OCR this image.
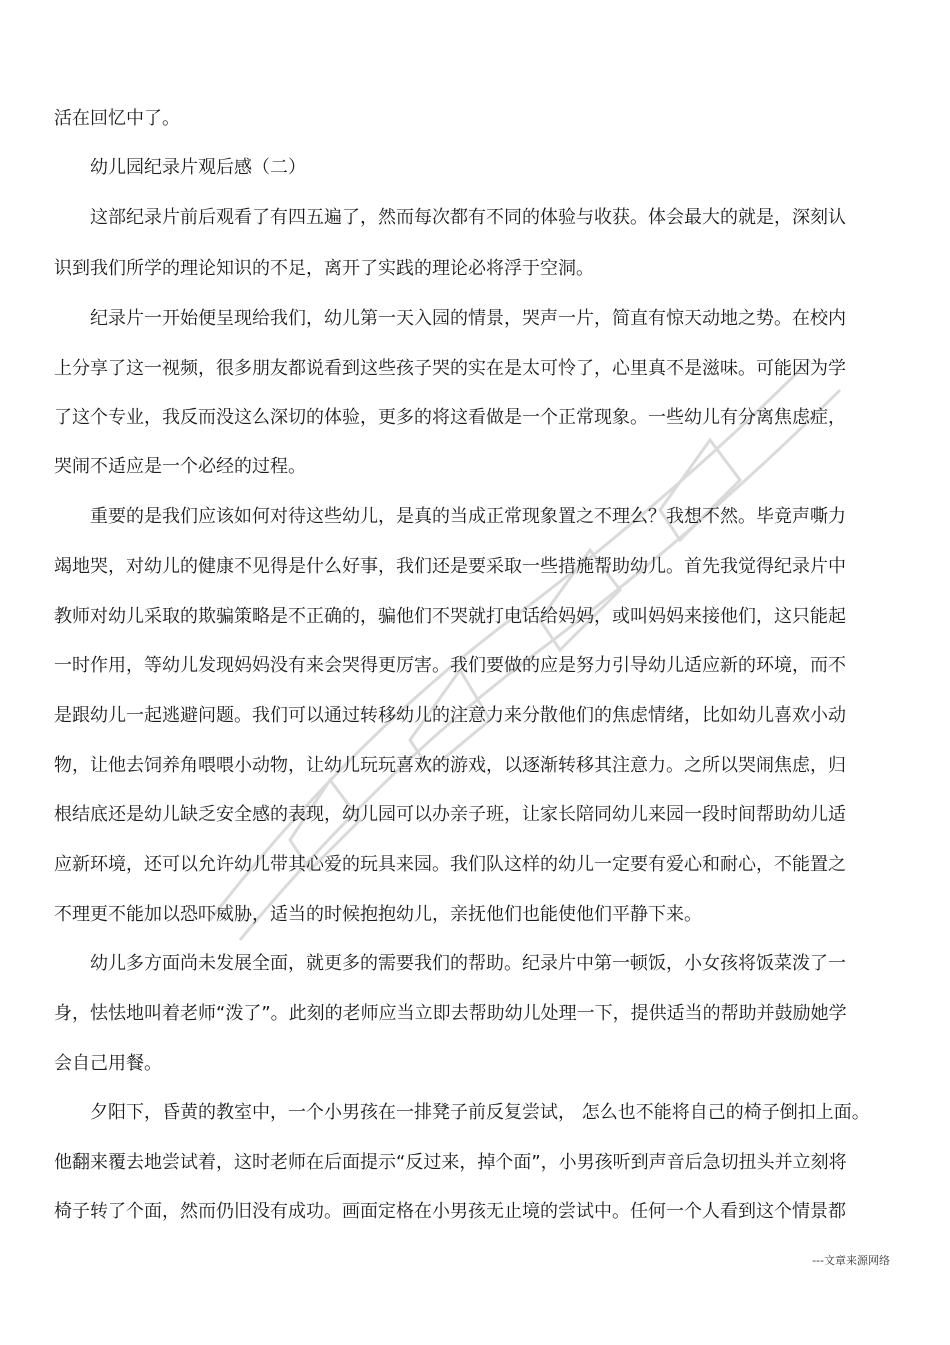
活在回忆中了。
幼儿园纪录片观后感（二）
这部纪录片前后观看了有四五遍了，然而每次都有不同的体验与收获。体会最大的就是，深刻认
识到我们所学的理论知识的不足，离开了实践的理论必将浮于空洞。
纪录片一开始便呈现给我们，幼儿第一天入园的情景，哭声一片，简直有惊天动地之势。在校内
上分享了这一视频，很多朋友都说看到这些孩子哭的实在是太可怜了，心里真不是滋味。可能因为学
了这个专业，我反而没这么深切的体验，更多的将这看做是一个正常现象。一些幼儿有分离焦虑症，
哭闹不适应是一个必经的过程。
重要的是我们应该如何对待这些幼儿，是真的当成正常现象置之不理么？我想不然。毕竟声嘶力
竭地哭，对幼儿的健康不见得是什么好事，我们还是要采取一些措施帮助幼儿。首先我觉得纪录片中
教师对幼儿采取的欺骗策略是不正确的，骗他们不哭就打电话给妈妈，或叫妈妈来接他们，这只能起
一时作用，等幼儿发现妈妈没有来会哭得更厉害。我们要做的应是努力引导幼儿适应新的环境，而不
是跟幼儿一起逃避问题。我们可以通过转移幼儿的注意力来分散他们的焦虑情绪，比如幼儿喜欢小动
物，让他去饲养角喂喂小动物，让幼儿玩玩喜欢的游戏，以逐渐转移其注意力。之所以哭闹焦虑，归
根结底还是幼儿缺乏安全感的表现，幼儿园可以办亲子班，让家长陪同幼儿来园一段时间帮助幼儿适
应新环境，还可以允许幼儿带其心爱的玩具来园。我们队这样的幼儿一定要有爱心和耐心，不能置之
不理更不能加以恐吓威胁，适当的时候抱抱幼儿，亲抚他们也能使他们平静下来。
幼儿多方面尚未发展全面，就更多的需要我们的帮助。纪录片中第一顿饭，小女孩将饭菜泼了一
身，怯怯地叫着老师“泼了”。此刻的老师应当立即去帮助幼儿处理一下，提供适当的帮助并鼓励她学
会自己用餐。
夕阳下，昏黄的教室中，一个小男孩在一排凳子前反复尝试， 怎么也不能将自己的椅子倒扣上面。
他翻来覆去地尝试着，这时老师在后面提示“反过来，掉个面”，小男孩听到声音后急切扭头并立刻将
椅子转了个面，然而仍旧没有成功。画面定格在小男孩无止境的尝试中。任何一个人看到这个情景都
---文章来源网络
